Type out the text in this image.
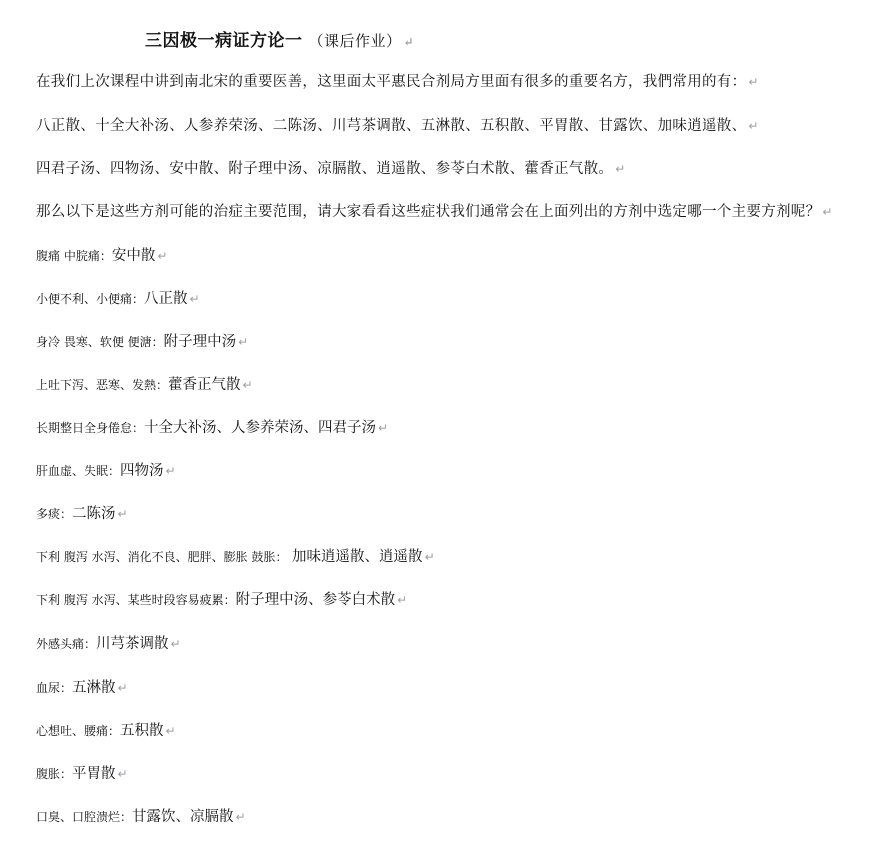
三因极一病证方论一 （课后作业） ↵
在我们上次课程中讲到南北宋的重要医善，这里面太平惠民合剂局方里面有很多的重要名方，我們常用的有： ↵
八正散、十全大补汤、人参养荣汤、二陈汤、川芎茶调散、五淋散、五积散、平胃散、甘露饮、加味逍遥散、 ↵
四君子汤、四物汤、安中散、附子理中汤、凉膈散、逍遥散、参苓白术散、藿香正气散。 ↵
那么以下是这些方剂可能的治症主要范围，请大家看看这些症状我们通常会在上面列出的方剂中选定哪一个主要方剂呢？ ↵
腹痛 中脘痛：安中散 ↵
小便不利、小便痛：八正散 ↵
身冷 畏寒、软便 便溏：附子理中汤 ↵
上吐下泻、恶寒、发熱：藿香正气散 ↵
长期整日全身倦怠：十全大补汤、人参养荣汤、四君子汤 ↵
肝血虚、失眠：四物汤 ↵
多痰：二陈汤 ↵
下利 腹泻 水泻、消化不良、肥胖、膨胀 鼓胀： 加味逍遥散、逍遥散 ↵
下利 腹泻 水泻、某些时段容易疲累：附子理中汤、参苓白术散 ↵
外感头痛：川芎茶调散 ↵
血尿：五淋散 ↵
心想吐、腰痛：五积散 ↵
腹胀：平胃散 ↵
口臭、口腔溃烂：甘露饮、凉膈散 ↵
